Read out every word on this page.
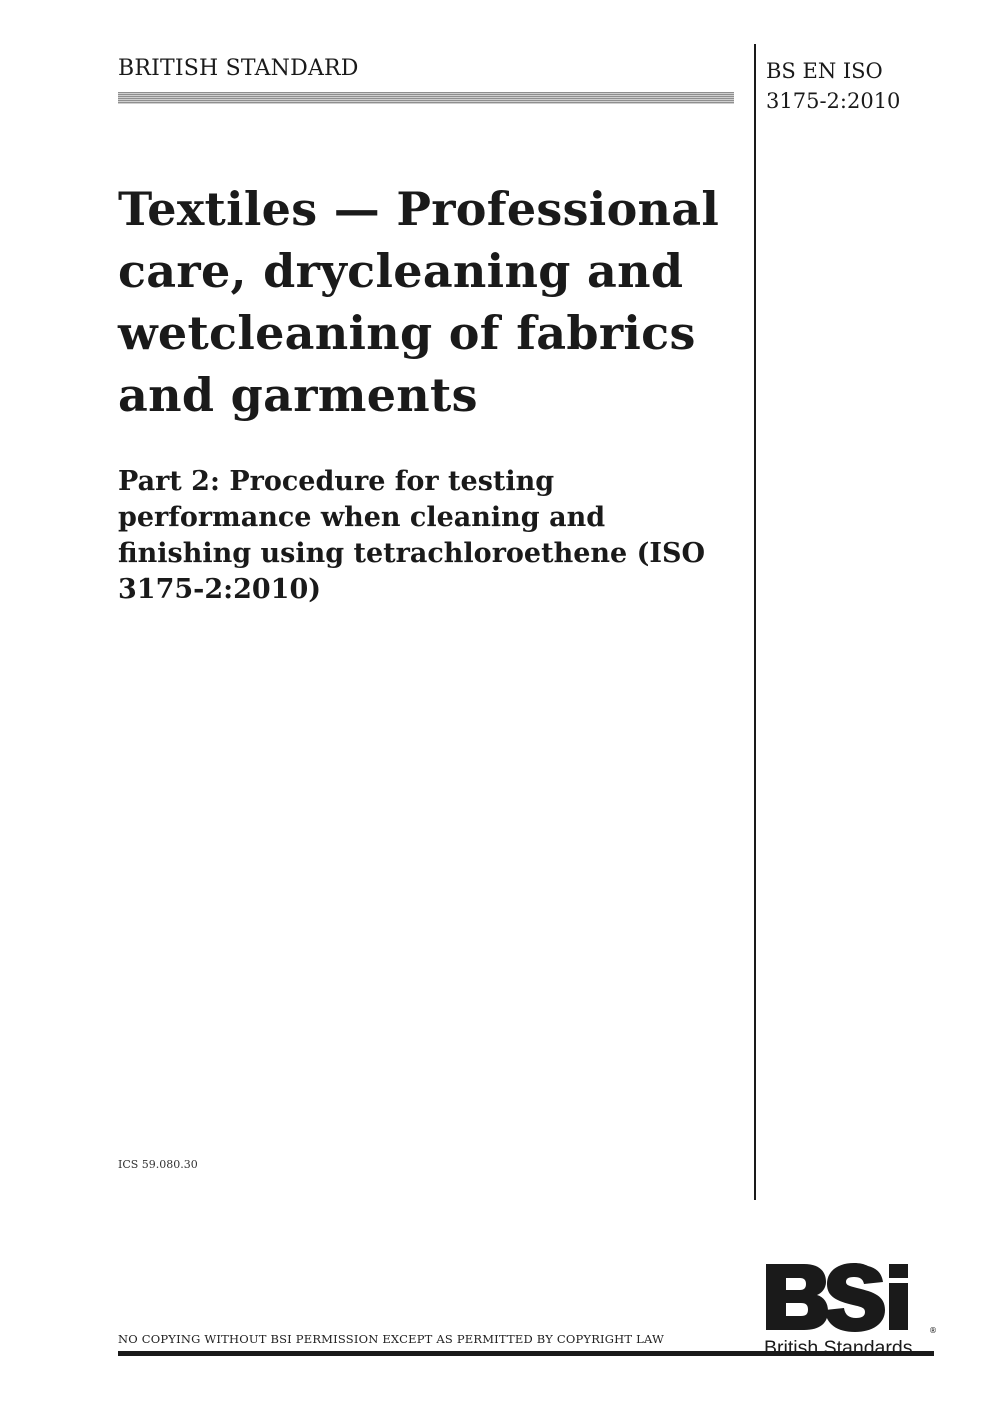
BRITISH STANDARD	BS EN ISO
3175-2:2010
Textiles — Professional
care, drycleaning and
wetcleaning of fabrics
and garments
Part 2: Procedure for testing
performance when cleaning and
finishing using tetrachloroethene (ISO
3175-2:2010)
ICS 59.080.30
NO COPYING WITHOUT BSI PERMISSION EXCEPT AS PERMITTED BY COPYRIGHT LAW
®
British Standards
